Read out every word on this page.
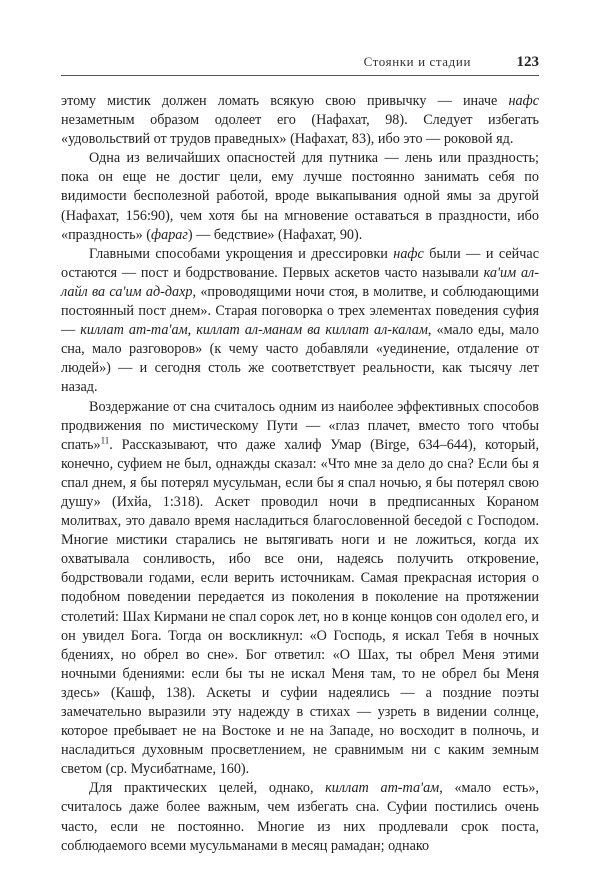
Стоянки и стадии	123

этому мистик должен ломать всякую свою привычку — иначе нафс незаметным образом одолеет его (Нафахат, 98). Следует избегать «удовольствий от трудов праведных» (Нафахат, 83), ибо это — роковой яд.

Одна из величайших опасностей для путника — лень или праздность; пока он еще не достиг цели, ему лучше постоянно занимать себя по видимости бесполезной работой, вроде выкапывания одной ямы за другой (Нафахат, 156:90), чем хотя бы на мгновение оставаться в праздности, ибо «праздность» (фараг) — бедствие» (Нафахат, 90).

Главными способами укрощения и дрессировки нафс были — и сейчас остаются — пост и бодрствование. Первых аскетов часто называли ка'им ал-лайл ва са'им ад-дахр, «проводящими ночи стоя, в молитве, и соблюдающими постоянный пост днем». Старая поговорка о трех элементах поведения суфия — киллат ат-та'ам, киллат ал-манам ва киллат ал-калам, «мало еды, мало сна, мало разговоров» (к чему часто добавляли «уединение, отдаление от людей») — и сегодня столь же соответствует реальности, как тысячу лет назад.

Воздержание от сна считалось одним из наиболее эффективных способов продвижения по мистическому Пути — «глаз плачет, вместо того чтобы спать»$^{11}$. Рассказывают, что даже халиф Умар (Birge, 634–644), который, конечно, суфием не был, однажды сказал: «Что мне за дело до сна? Если бы я спал днем, я бы потерял мусульман, если бы я спал ночью, я бы потерял свою душу» (Ихйа, 1:318). Аскет проводил ночи в предписанных Кораном молитвах, это давало время насладиться благословенной беседой с Господом. Многие мистики старались не вытягивать ноги и не ложиться, когда их охватывала сонливость, ибо все они, надеясь получить откровение, бодрствовали годами, если верить источникам. Самая прекрасная история о подобном поведении передается из поколения в поколение на протяжении столетий: Шах Кирмани не спал сорок лет, но в конце концов сон одолел его, и он увидел Бога. Тогда он воскликнул: «О Господь, я искал Тебя в ночных бдениях, но обрел во сне». Бог ответил: «О Шах, ты обрел Меня этими ночными бдениями: если бы ты не искал Меня там, то не обрел бы Меня здесь» (Кашф, 138). Аскеты и суфии надеялись — а поздние поэты замечательно выразили эту надежду в стихах — узреть в видении солнце, которое пребывает не на Востоке и не на Западе, но восходит в полночь, и насладиться духовным просветлением, не сравнимым ни с каким земным светом (ср. Мусибатнаме, 160).

Для практических целей, однако, киллат ат-та'ам, «мало есть», считалось даже более важным, чем избегать сна. Суфии постились очень часто, если не постоянно. Многие из них продлевали срок поста, соблюдаемого всеми мусульманами в месяц рамадан; однако
